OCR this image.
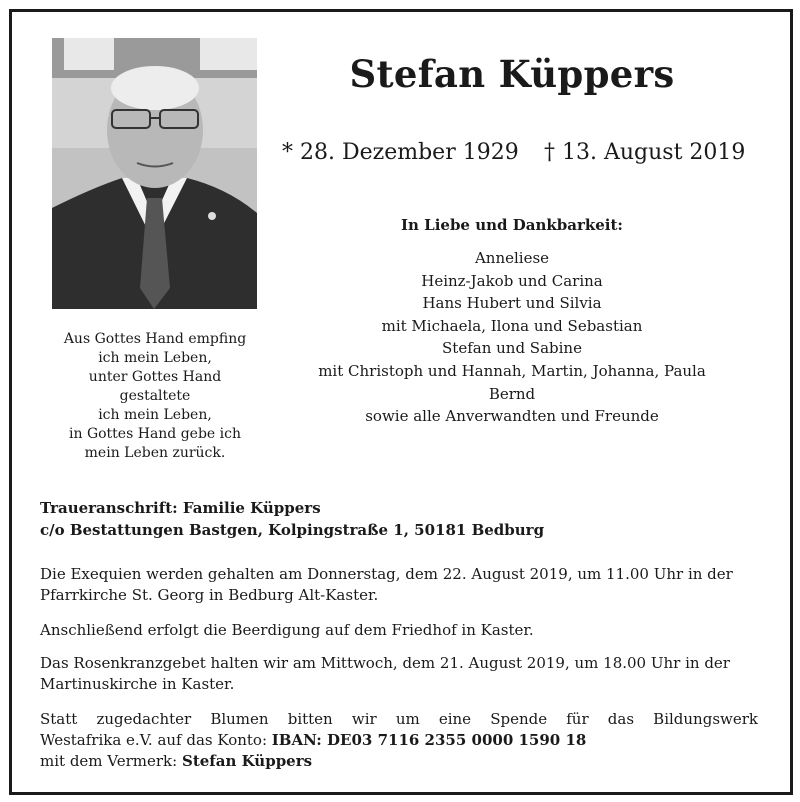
Aus Gottes Hand empfing
ich mein Leben,
unter Gottes Hand
gestaltete
ich mein Leben,
in Gottes Hand gebe ich
mein Leben zurück.
Stefan Küppers
* 28. Dezember 1929 † 13. August 2019
In Liebe und Dankbarkeit:
Anneliese
Heinz-Jakob und Carina
Hans Hubert und Silvia
mit Michaela, Ilona und Sebastian
Stefan und Sabine
mit Christoph und Hannah, Martin, Johanna, Paula
Bernd
sowie alle Anverwandten und Freunde
Traueranschrift: Familie Küppers
c/o Bestattungen Bastgen, Kolpingstraße 1, 50181 Bedburg
Die Exequien werden gehalten am Donnerstag, dem 22. August 2019, um 11.00 Uhr in der
Pfarrkirche St. Georg in Bedburg Alt-Kaster.
Anschließend erfolgt die Beerdigung auf dem Friedhof in Kaster.
Das Rosenkranzgebet halten wir am Mittwoch, dem 21. August 2019, um 18.00 Uhr in der
Martinuskirche in Kaster.
Statt zugedachter Blumen bitten wir um eine Spende für das Bildungswerk
Westafrika e.V. auf das Konto: IBAN: DE03 7116 2355 0000 1590 18
mit dem Vermerk: Stefan Küppers
